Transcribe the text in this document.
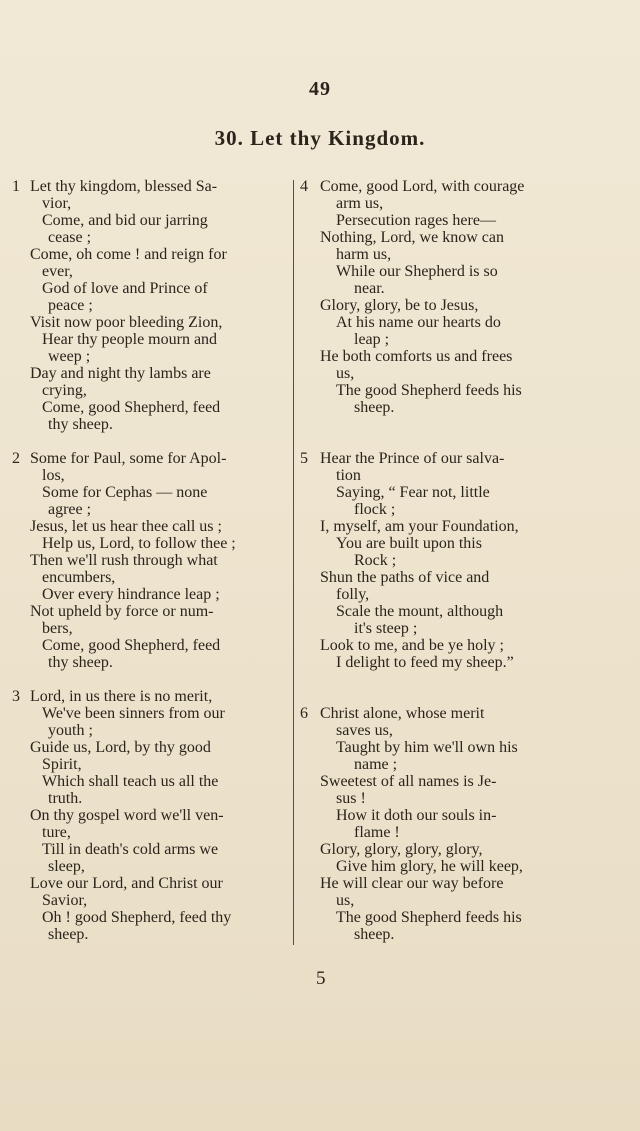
49
30. Let thy Kingdom.
1 Let thy kingdom, blessed Sa-
vior,
Come, and bid our jarring
cease ;
Come, oh come ! and reign for
ever,
God of love and Prince of
peace ;
Visit now poor bleeding Zion,
Hear thy people mourn and
weep ;
Day and night thy lambs are
crying,
Come, good Shepherd, feed
thy sheep.
2 Some for Paul, some for Apol-
los,
Some for Cephas — none
agree ;
Jesus, let us hear thee call us ;
Help us, Lord, to follow thee ;
Then we'll rush through what
encumbers,
Over every hindrance leap ;
Not upheld by force or num-
bers,
Come, good Shepherd, feed
thy sheep.
3 Lord, in us there is no merit,
We've been sinners from our
youth ;
Guide us, Lord, by thy good
Spirit,
Which shall teach us all the
truth.
On thy gospel word we'll ven-
ture,
Till in death's cold arms we
sleep,
Love our Lord, and Christ our
Savior,
Oh ! good Shepherd, feed thy
sheep.
4 Come, good Lord, with courage
arm us,
Persecution rages here—
Nothing, Lord, we know can
harm us,
While our Shepherd is so
near.
Glory, glory, be to Jesus,
At his name our hearts do
leap ;
He both comforts us and frees
us,
The good Shepherd feeds his
sheep.
5 Hear the Prince of our salva-
tion
Saying, “ Fear not, little
flock ;
I, myself, am your Foundation,
You are built upon this
Rock ;
Shun the paths of vice and
folly,
Scale the mount, although
it's steep ;
Look to me, and be ye holy ;
I delight to feed my sheep.”
6 Christ alone, whose merit
saves us,
Taught by him we'll own his
name ;
Sweetest of all names is Je-
sus !
How it doth our souls in-
flame !
Glory, glory, glory, glory,
Give him glory, he will keep,
He will clear our way before
us,
The good Shepherd feeds his
sheep.
5
